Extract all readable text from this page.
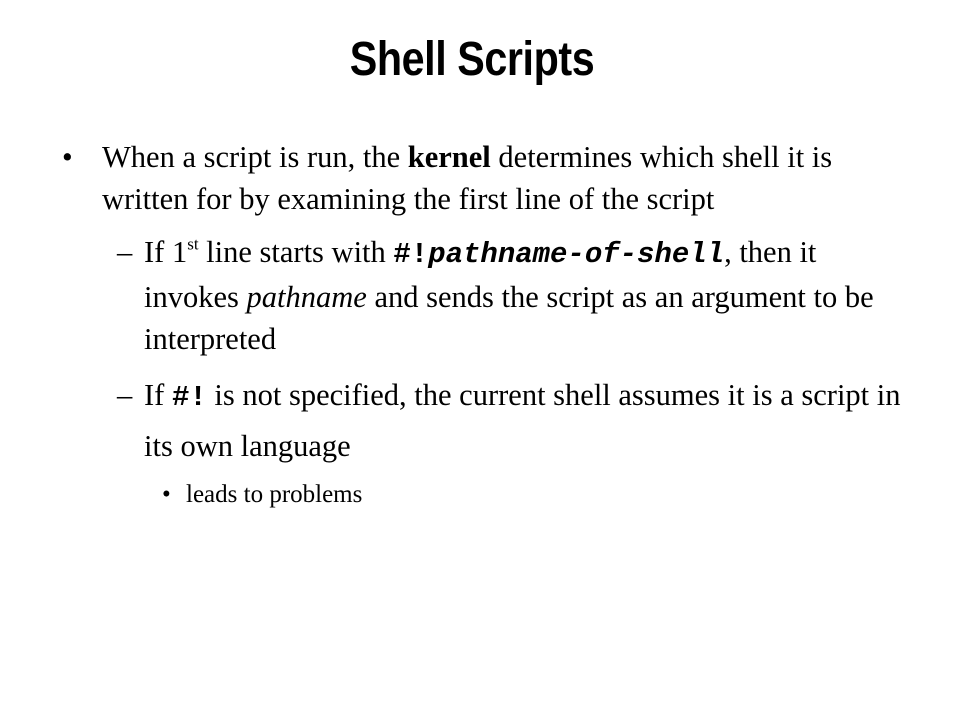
Shell Scripts
• When a script is run, the kernel determines which shell it is written for by examining the first line of the script
– If 1st line starts with #!pathname-of-shell, then it invokes pathname and sends the script as an argument to be interpreted
– If #! is not specified, the current shell assumes it is a script in its own language
• leads to problems
